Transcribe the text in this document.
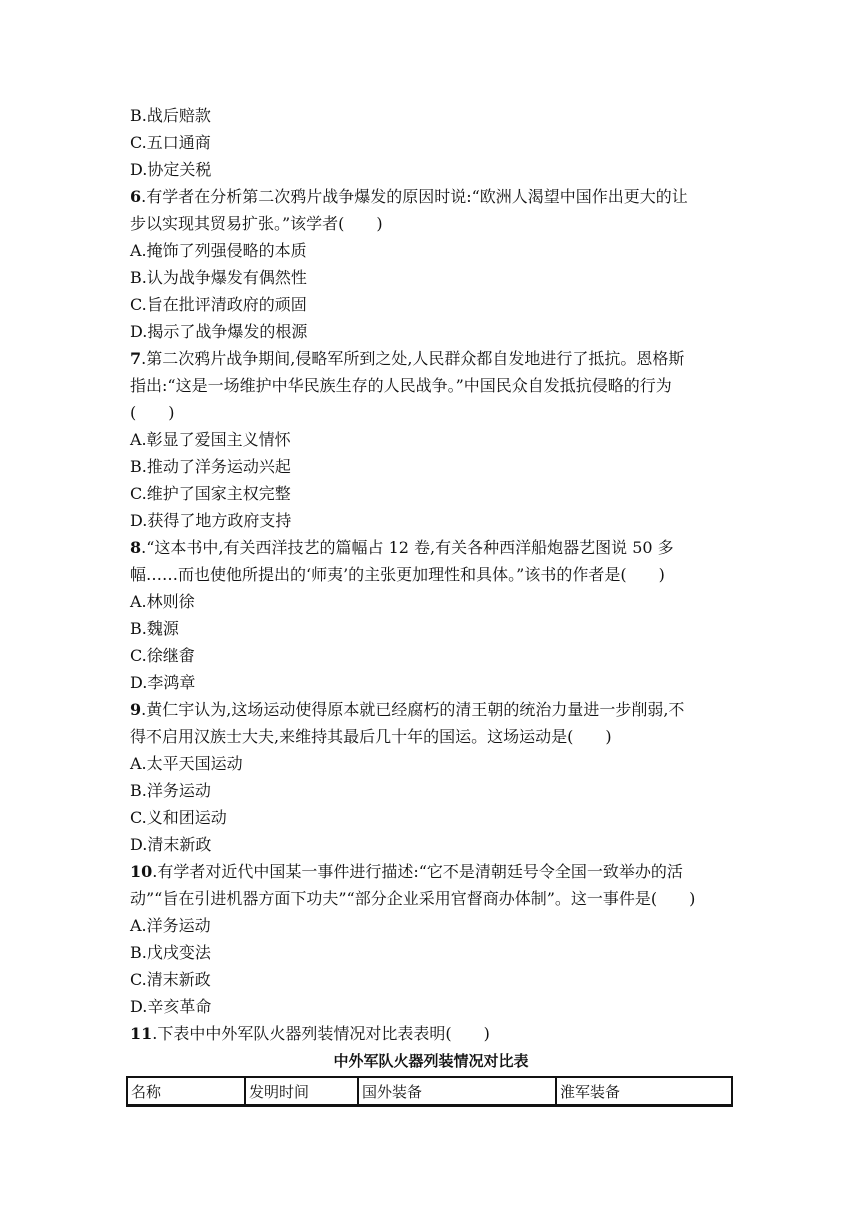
B.战后赔款
C.五口通商
D.协定关税
6.有学者在分析第二次鸦片战争爆发的原因时说:“欧洲人渴望中国作出更大的让
步以实现其贸易扩张。”该学者(　　)
A.掩饰了列强侵略的本质
B.认为战争爆发有偶然性
C.旨在批评清政府的顽固
D.揭示了战争爆发的根源
7.第二次鸦片战争期间,侵略军所到之处,人民群众都自发地进行了抵抗。恩格斯
指出:“这是一场维护中华民族生存的人民战争。”中国民众自发抵抗侵略的行为
(　　)
A.彰显了爱国主义情怀
B.推动了洋务运动兴起
C.维护了国家主权完整
D.获得了地方政府支持
8.“这本书中,有关西洋技艺的篇幅占 12 卷,有关各种西洋船炮器艺图说 50 多
幅……而也使他所提出的‘师夷’的主张更加理性和具体。”该书的作者是(　　)
A.林则徐
B.魏源
C.徐继畬
D.李鸿章
9.黄仁宇认为,这场运动使得原本就已经腐朽的清王朝的统治力量进一步削弱,不
得不启用汉族士大夫,来维持其最后几十年的国运。这场运动是(　　)
A.太平天国运动
B.洋务运动
C.义和团运动
D.清末新政
10.有学者对近代中国某一事件进行描述:“它不是清朝廷号令全国一致举办的活
动”“旨在引进机器方面下功夫”“部分企业采用官督商办体制”。这一事件是(　　)
A.洋务运动
B.戊戌变法
C.清末新政
D.辛亥革命
11.下表中中外军队火器列装情况对比表表明(　　)
中外军队火器列装情况对比表
名称	发明时间	国外装备	淮军装备
